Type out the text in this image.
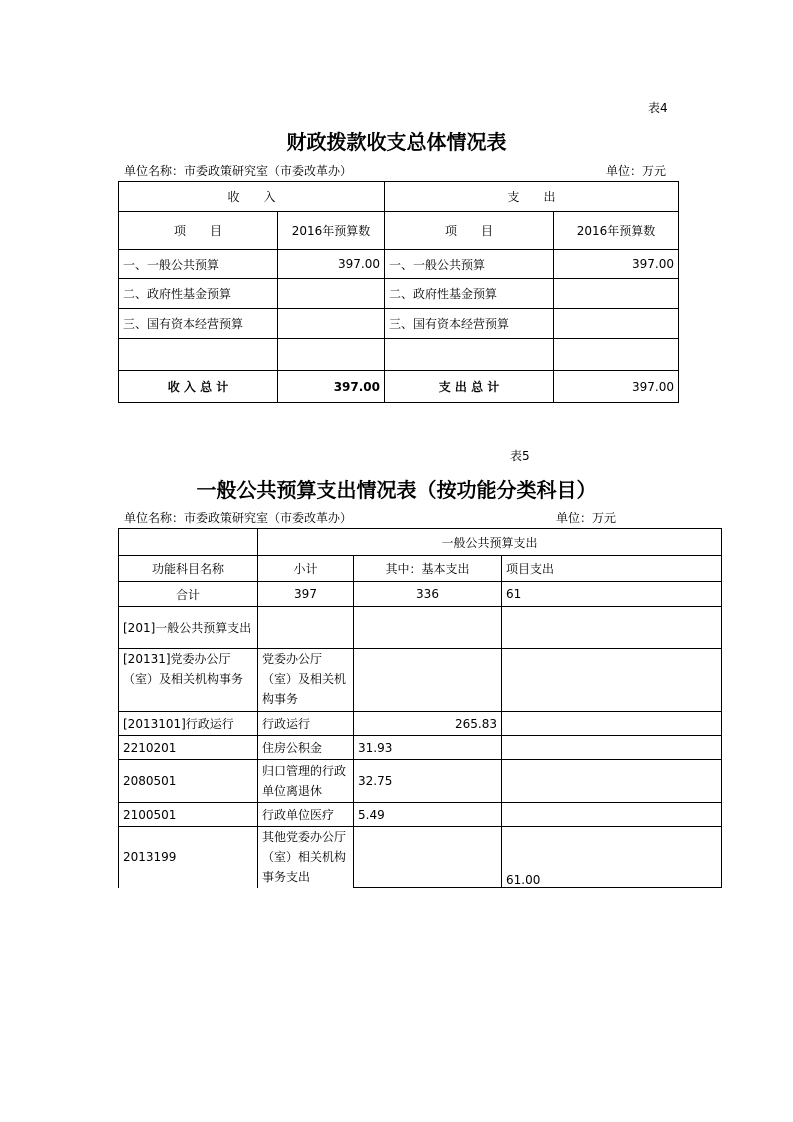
表4
财政拨款收支总体情况表
单位名称：市委政策研究室（市委改革办）	单位：万元
收　　入		支　　出	
项　　目	2016年预算数	项　　目	2016年预算数
一、一般公共预算	397.00	一、一般公共预算	397.00
二、政府性基金预算		二、政府性基金预算	
三、国有资本经营预算		三、国有资本经营预算	

收 入 总 计	397.00	支 出 总 计	397.00
表5
一般公共预算支出情况表（按功能分类科目）
单位名称：市委政策研究室（市委改革办）	单位：万元
	一般公共预算支出		
功能科目名称	小计	其中：基本支出	项目支出
合计	397	336	61
[201]一般公共预算支出			
[20131]党委办公厅（室）及相关机构事务	党委办公厅（室）及相关机构事务		
[2013101]行政运行	行政运行	265.83	
2210201	住房公积金	31.93	
2080501	归口管理的行政单位离退休	32.75	
2100501	行政单位医疗	5.49	
2013199	其他党委办公厅（室）相关机构事务支出		61.00
